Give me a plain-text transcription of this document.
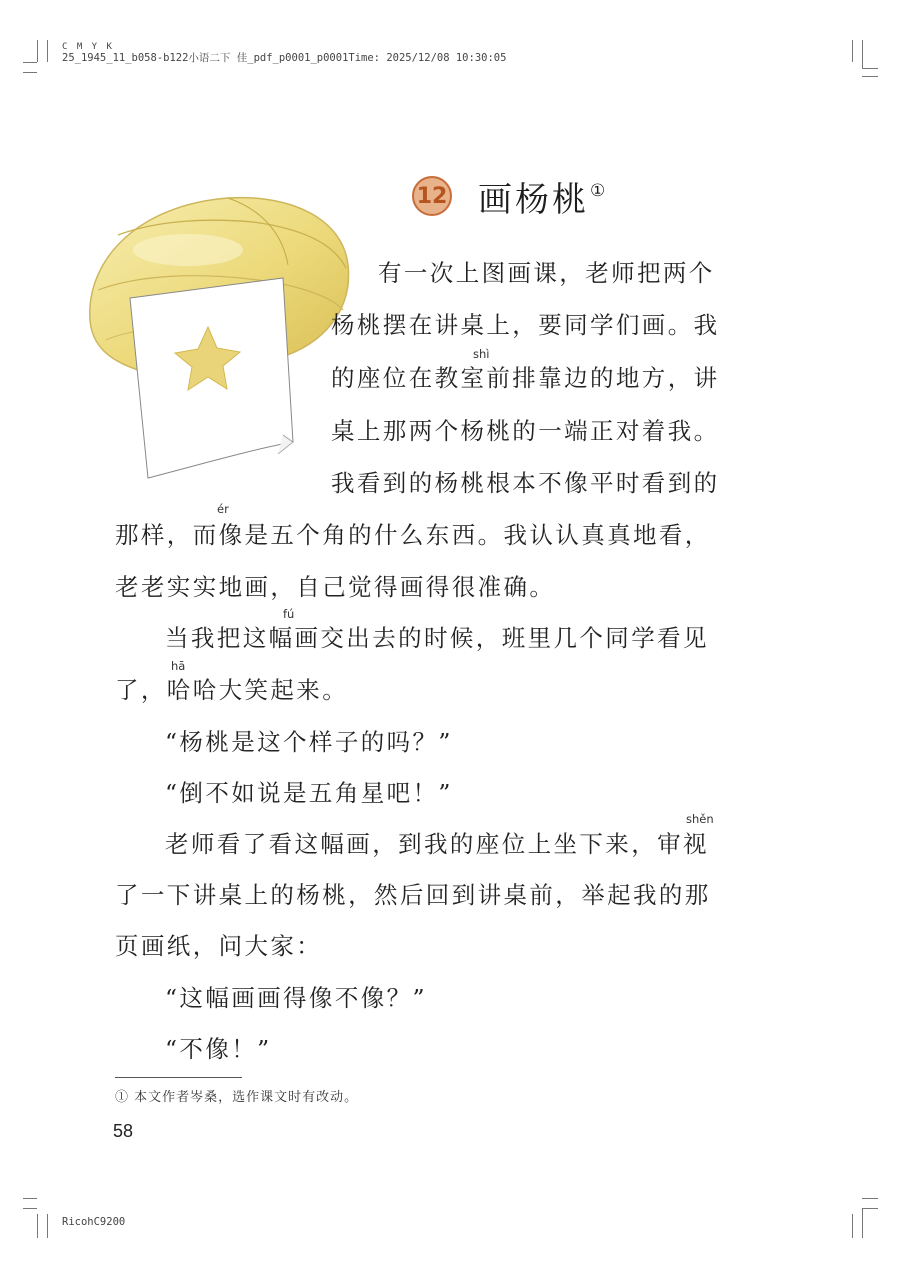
C M Y K
25_1945_11_b058-b122小语二下 佳_pdf_p0001_p0001Time: 2025/12/08 10:30:05
12 画杨桃①
shì
ér
fú
hā
shěn
有一次上图画课，老师把两个
杨桃摆在讲桌上，要同学们画。我
的座位在教室前排靠边的地方，讲
桌上那两个杨桃的一端正对着我。
我看到的杨桃根本不像平时看到的
那样，而像是五个角的什么东西。我认认真真地看，
老老实实地画，自己觉得画得很准确。
当我把这幅画交出去的时候，班里几个同学看见
了，哈哈大笑起来。
“杨桃是这个样子的吗？”
“倒不如说是五角星吧！”
老师看了看这幅画，到我的座位上坐下来，审视
了一下讲桌上的杨桃，然后回到讲桌前，举起我的那
页画纸，问大家：
“这幅画画得像不像？”
“不像！”
① 本文作者岑桑，选作课文时有改动。
58
RicohC9200
